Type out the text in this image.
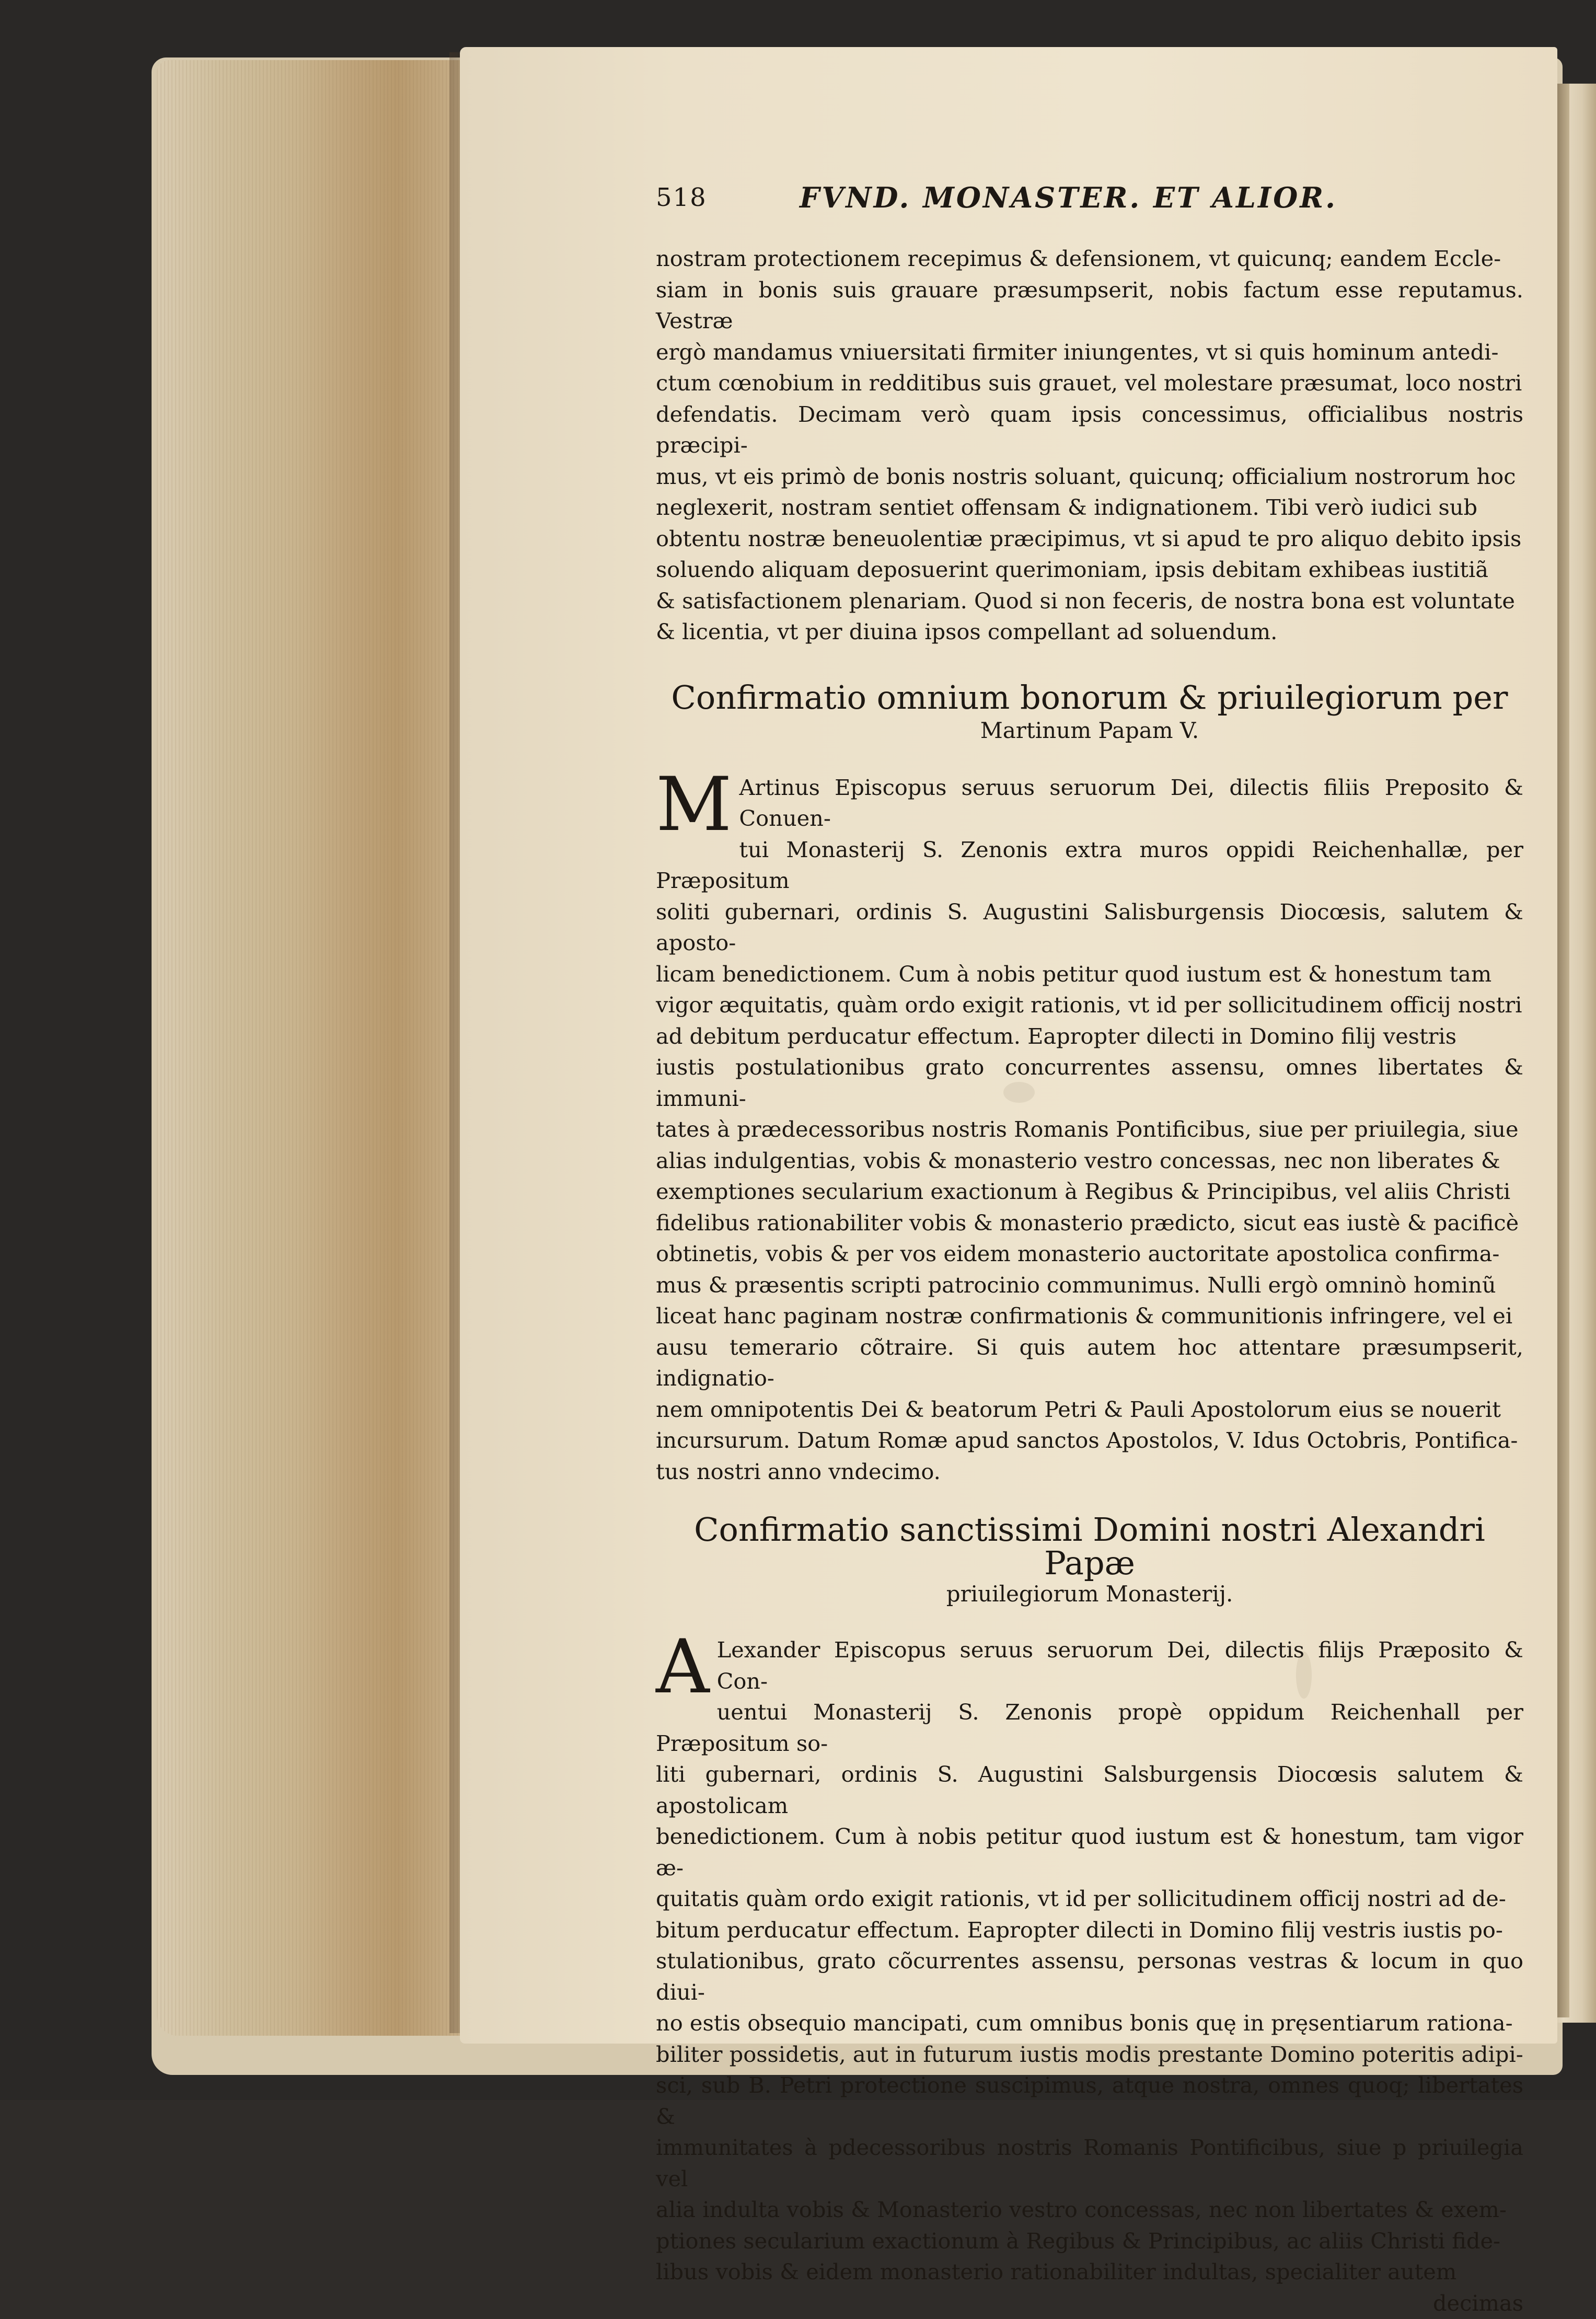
518	FVND. MONASTER. ET ALIOR.

nostram protectionem recepimus & defensionem, vt quicunq; eandem Eccle-

siam in bonis suis grauare præsumpserit, nobis factum esse reputamus. Vestræ

ergò mandamus vniuersitati firmiter iniungentes, vt si quis hominum antedi-

ctum cœnobium in redditibus suis grauet, vel molestare præsumat, loco nostri

defendatis. Decimam verò quam ipsis concessimus, officialibus nostris præcipi-

mus, vt eis primò de bonis nostris soluant, quicunq; officialium nostrorum hoc

neglexerit, nostram sentiet offensam & indignationem. Tibi verò iudici sub

obtentu nostræ beneuolentiæ præcipimus, vt si apud te pro aliquo debito ipsis

soluendo aliquam deposuerint querimoniam, ipsis debitam exhibeas iustitiã

& satisfactionem plenariam. Quod si non feceris, de nostra bona est voluntate

& licentia, vt per diuina ipsos compellant ad soluendum.

Confirmatio omnium bonorum & priuilegiorum per

Martinum Papam V.

M Artinus Episcopus seruus seruorum Dei, dilectis filiis Preposito & Conuen-

tui Monasterij S. Zenonis extra muros oppidi Reichenhallæ, per Præpositum

soliti gubernari, ordinis S. Augustini Salisburgensis Diocœsis, salutem & aposto-

licam benedictionem. Cum à nobis petitur quod iustum est & honestum tam

vigor æquitatis, quàm ordo exigit rationis, vt id per sollicitudinem officij nostri

ad debitum perducatur effectum. Eapropter dilecti in Domino filij vestris

iustis postulationibus grato concurrentes assensu, omnes libertates & immuni-

tates à prædecessoribus nostris Romanis Pontificibus, siue per priuilegia, siue

alias indulgentias, vobis & monasterio vestro concessas, nec non liberates &

exemptiones secularium exactionum à Regibus & Principibus, vel aliis Christi

fidelibus rationabiliter vobis & monasterio prædicto, sicut eas iustè & pacificè

obtinetis, vobis & per vos eidem monasterio auctoritate apostolica confirma-

mus & præsentis scripti patrocinio communimus. Nulli ergò omninò hominũ

liceat hanc paginam nostræ confirmationis & communitionis infringere, vel ei

ausu temerario cõtraire. Si quis autem hoc attentare præsumpserit, indignatio-

nem omnipotentis Dei & beatorum Petri & Pauli Apostolorum eius se nouerit

incursurum. Datum Romæ apud sanctos Apostolos, V. Idus Octobris, Pontifica-

tus nostri anno vndecimo.

Confirmatio sanctissimi Domini nostri Alexandri Papæ

priuilegiorum Monasterij.

A Lexander Episcopus seruus seruorum Dei, dilectis filijs Præposito & Con-

uentui Monasterij S. Zenonis propè oppidum Reichenhall per Præpositum so-

liti gubernari, ordinis S. Augustini Salsburgensis Diocœsis salutem & apostolicam

benedictionem. Cum à nobis petitur quod iustum est & honestum, tam vigor æ-

quitatis quàm ordo exigit rationis, vt id per sollicitudinem officij nostri ad de-

bitum perducatur effectum. Eapropter dilecti in Domino filij vestris iustis po-

stulationibus, grato cõcurrentes assensu, personas vestras & locum in quo diui-

no estis obsequio mancipati, cum omnibus bonis quę in pręsentiarum rationa-

biliter possidetis, aut in futurum iustis modis prestante Domino poteritis adipi-

sci, sub B. Petri protectione suscipimus, atque nostra, omnes quoq; libertates &

immunitates à pdecessoribus nostris Romanis Pontificibus, siue p priuilegia vel

alia indulta vobis & Monasterio vestro concessas, nec non libertates & exem-

ptiones secularium exactionum à Regibus & Principibus, ac aliis Christi fide-

libus vobis & eidem monasterio rationabiliter indultas, specialiter autem

decimas
